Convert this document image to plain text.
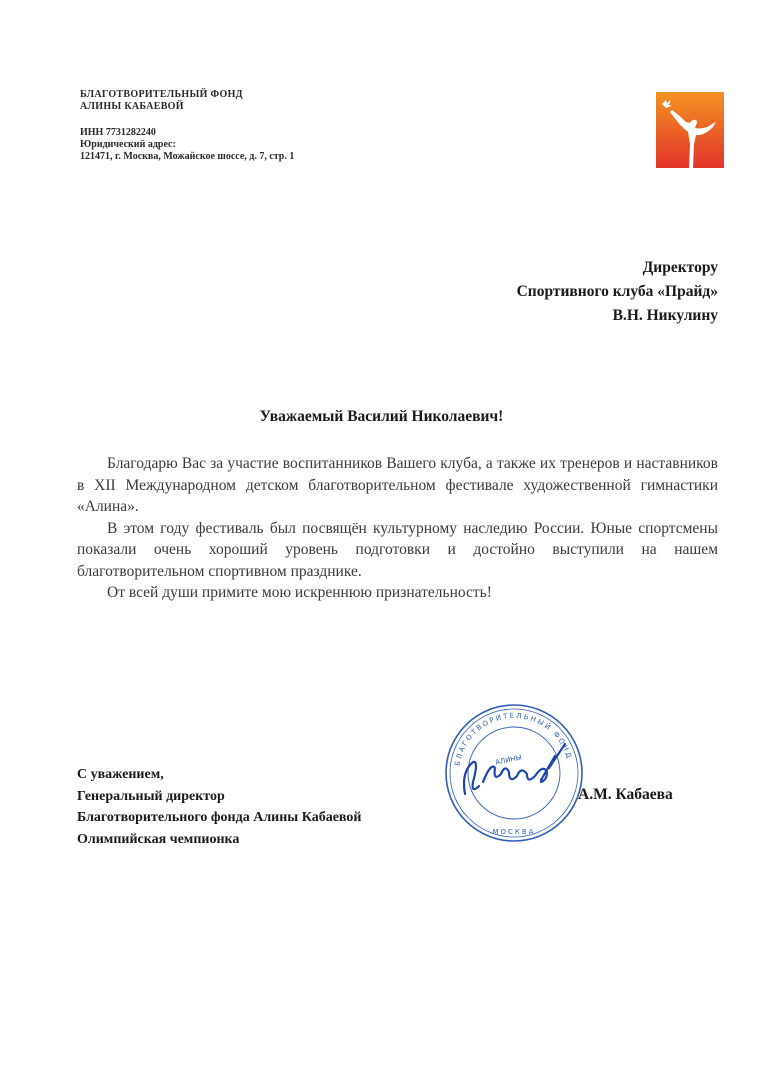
БЛАГОТВОРИТЕЛЬНЫЙ ФОНД
АЛИНЫ КАБАЕВОЙ
ИНН 7731282240
Юридический адрес:
121471, г. Москва, Можайское шоссе, д. 7, стр. 1
Директору
Спортивного клуба «Прайд»
В.Н. Никулину
Уважаемый Василий Николаевич!

Благодарю Вас за участие воспитанников Вашего клуба, а также их тренеров и наставников в XII Международном детском благотворительном фестивале художественной гимнастики «Алина».

В этом году фестиваль был посвящён культурному наследию России. Юные спортсмены показали очень хороший уровень подготовки и достойно выступили на нашем благотворительном спортивном празднике.

От всей души примите мою искреннюю признательность!

С уважением,
Генеральный директор
Благотворительного фонда Алины Кабаевой
Олимпийская чемпионка
БЛАГОТВОРИТЕЛЬНЫЙ ФОНД
МОСКВА
АЛИНЫ
А.М. Кабаева
